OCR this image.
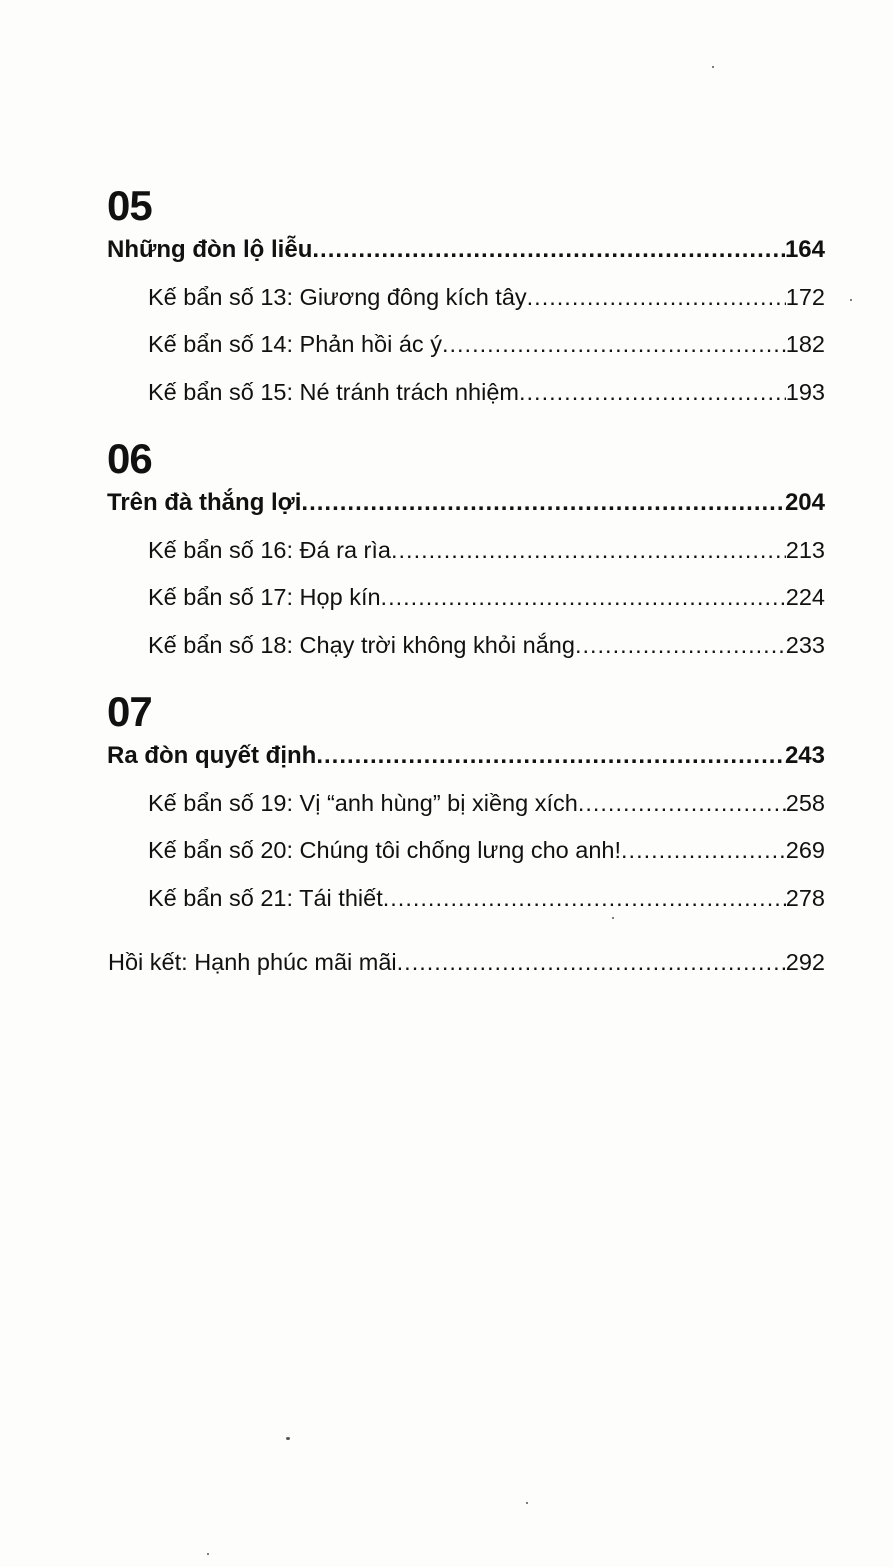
05
Những đòn lộ liễu .....	164
Kế bẩn số 13: Giương đông kích tây .....	172
Kế bẩn số 14: Phản hồi ác ý .....	182
Kế bẩn số 15: Né tránh trách nhiệm .....	193
06
Trên đà thắng lợi .....	204
Kế bẩn số 16: Đá ra rìa .....	213
Kế bẩn số 17: Họp kín .....	224
Kế bẩn số 18: Chạy trời không khỏi nắng .....	233
07
Ra đòn quyết định .....	243
Kế bẩn số 19: Vị “anh hùng” bị xiềng xích .....	258
Kế bẩn số 20: Chúng tôi chống lưng cho anh! .....	269
Kế bẩn số 21: Tái thiết .....	278
Hồi kết: Hạnh phúc mãi mãi .....	292
